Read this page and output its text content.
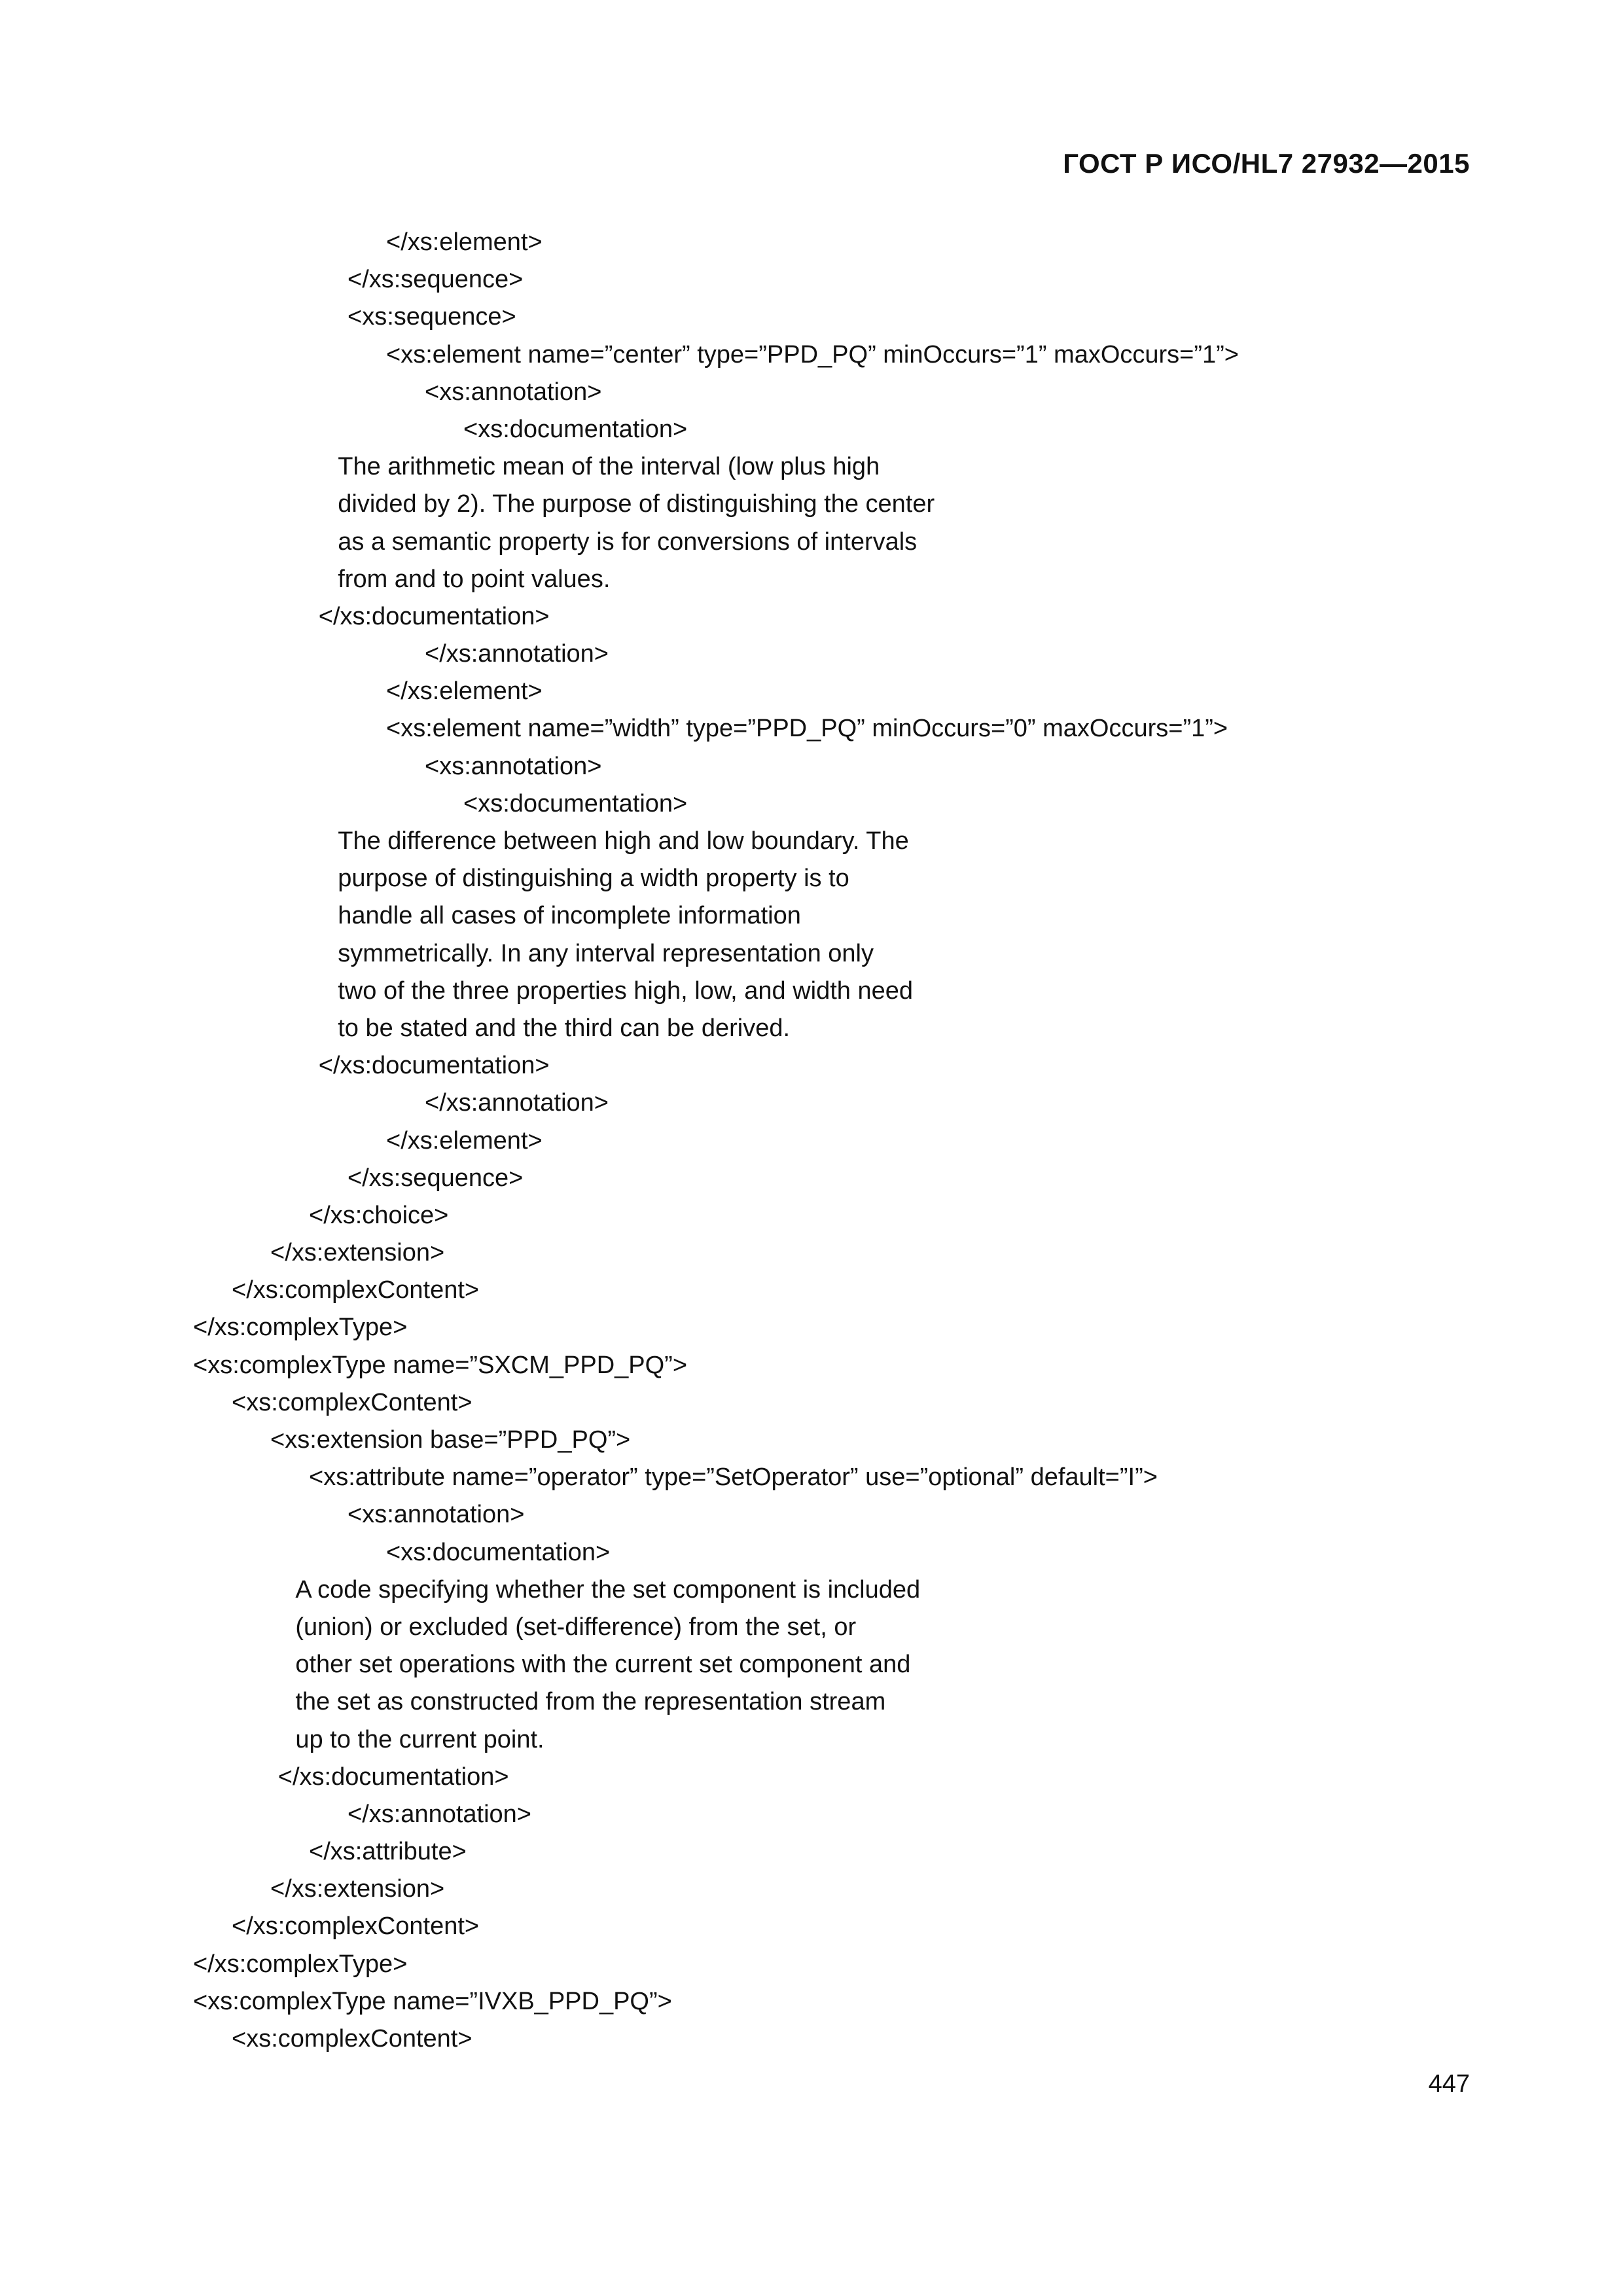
ГОСТ Р ИСО/HL7 27932—2015
</xs:element>
</xs:sequence>
<xs:sequence>
<xs:element name=”center” type=”PPD_PQ” minOccurs=”1” maxOccurs=”1”>
<xs:annotation>
<xs:documentation>
The arithmetic mean of the interval (low plus high
divided by 2). The purpose of distinguishing the center
as a semantic property is for conversions of intervals
from and to point values.
</xs:documentation>
</xs:annotation>
</xs:element>
<xs:element name=”width” type=”PPD_PQ” minOccurs=”0” maxOccurs=”1”>
<xs:annotation>
<xs:documentation>
The difference between high and low boundary. The
purpose of distinguishing a width property is to
handle all cases of incomplete information
symmetrically. In any interval representation only
two of the three properties high, low, and width need
to be stated and the third can be derived.
</xs:documentation>
</xs:annotation>
</xs:element>
</xs:sequence>
</xs:choice>
</xs:extension>
</xs:complexContent>
</xs:complexType>
<xs:complexType name=”SXCM_PPD_PQ”>
<xs:complexContent>
<xs:extension base=”PPD_PQ”>
<xs:attribute name=”operator” type=”SetOperator” use=”optional” default=”I”>
<xs:annotation>
<xs:documentation>
A code specifying whether the set component is included
(union) or excluded (set-difference) from the set, or
other set operations with the current set component and
the set as constructed from the representation stream
up to the current point.
</xs:documentation>
</xs:annotation>
</xs:attribute>
</xs:extension>
</xs:complexContent>
</xs:complexType>
<xs:complexType name=”IVXB_PPD_PQ”>
<xs:complexContent>
447
